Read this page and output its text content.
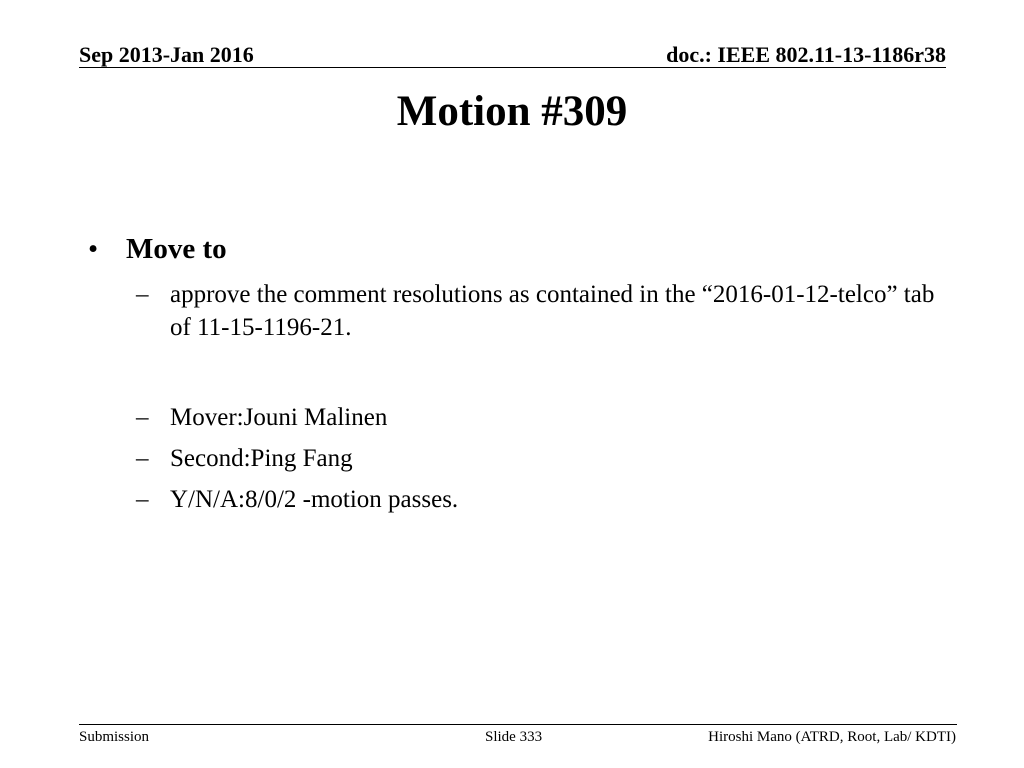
Sep 2013-Jan 2016	doc.: IEEE 802.11-13-1186r38
Motion #309
• Move to
– approve the comment resolutions as contained in the “2016-01-12-telco” tab of 11-15-1196-21.
– Mover:Jouni Malinen
– Second:Ping Fang
– Y/N/A:8/0/2 -motion passes.
Submission	Slide 333	Hiroshi Mano (ATRD, Root, Lab/ KDTI)
